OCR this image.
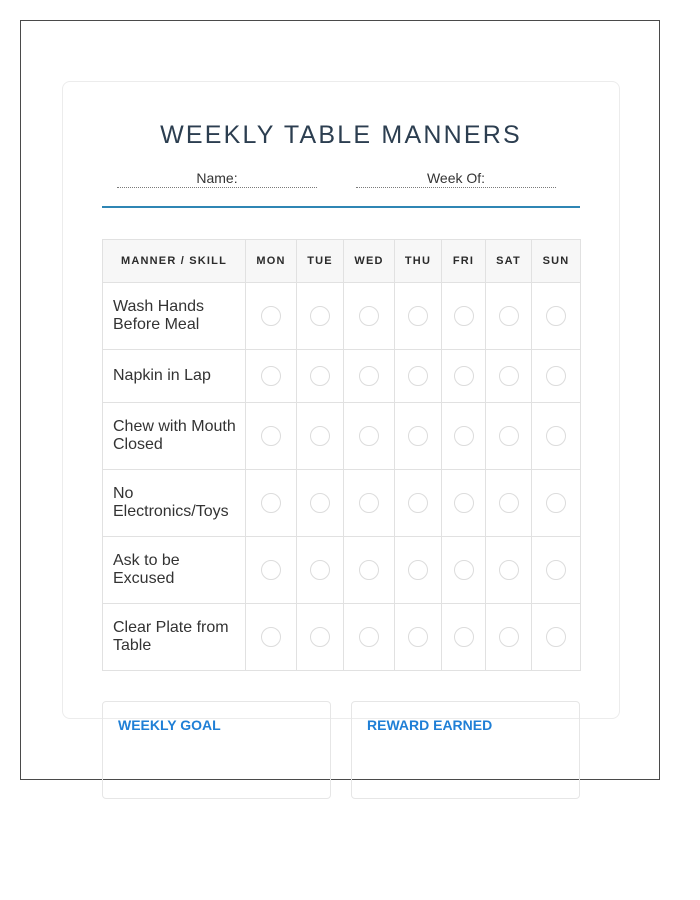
WEEKLY TABLE MANNERS
Name:	Week Of:
MANNER / SKILL	MON	TUE	WED	THU	FRI	SAT	SUN
Wash Hands Before Meal							
Napkin in Lap							
Chew with Mouth Closed							
No Electronics/Toys							
Ask to be Excused							
Clear Plate from Table							
WEEKLY GOAL	REWARD EARNED
